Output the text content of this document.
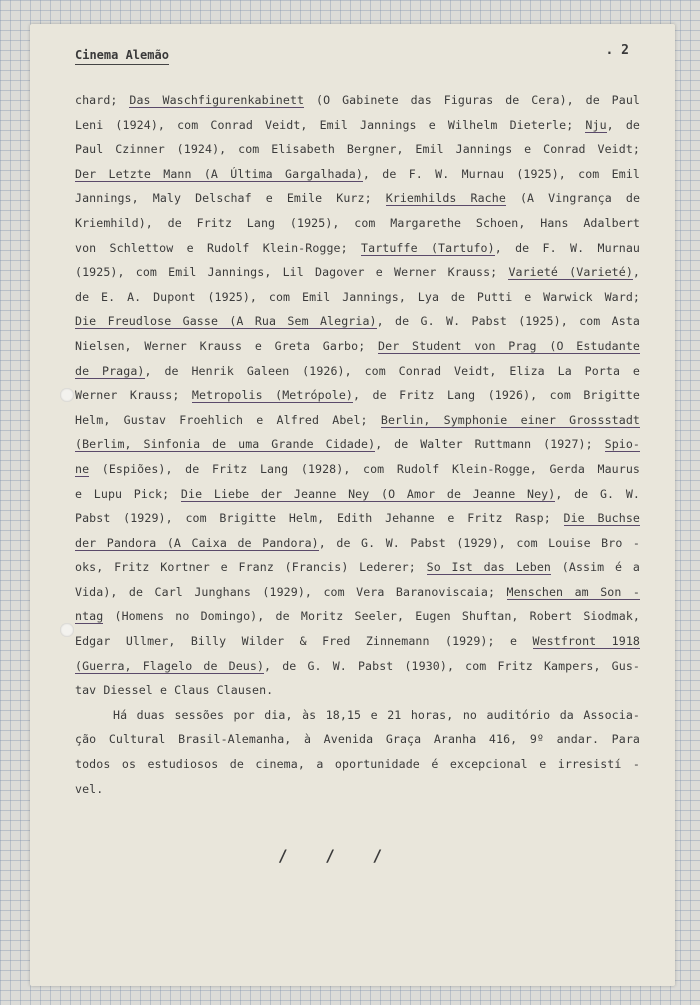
Cinema Alemão	. 2
chard; Das Waschfigurenkabinett (O Gabinete das Figuras de Cera), de Paul
Leni (1924), com Conrad Veidt, Emil Jannings e Wilhelm Dieterle; Nju, de
Paul Czinner (1924), com Elisabeth Bergner, Emil Jannings e Conrad Veidt;
Der Letzte Mann (A Última Gargalhada), de F. W. Murnau (1925), com Emil
Jannings, Maly Delschaf e Emile Kurz; Kriemhilds Rache (A Vingrança de
Kriemhild), de Fritz Lang (1925), com Margarethe Schoen, Hans Adalbert
von Schlettow e Rudolf Klein-Rogge; Tartuffe (Tartufo), de F. W. Murnau
(1925), com Emil Jannings, Lil Dagover e Werner Krauss; Varieté (Varieté),
de E. A. Dupont (1925), com Emil Jannings, Lya de Putti e Warwick Ward;
Die Freudlose Gasse (A Rua Sem Alegria), de G. W. Pabst (1925), com Asta
Nielsen, Werner Krauss e Greta Garbo; Der Student von Prag (O Estudante
de Praga), de Henrik Galeen (1926), com Conrad Veidt, Eliza La Porta e
Werner Krauss; Metropolis (Metrópole), de Fritz Lang (1926), com Brigitte
Helm, Gustav Froehlich e Alfred Abel; Berlin, Symphonie einer Grossstadt
(Berlim, Sinfonia de uma Grande Cidade), de Walter Ruttmann (1927); Spio-
ne (Espiões), de Fritz Lang (1928), com Rudolf Klein-Rogge, Gerda Maurus
e Lupu Pick; Die Liebe der Jeanne Ney (O Amor de Jeanne Ney), de G. W.
Pabst (1929), com Brigitte Helm, Edith Jehanne e Fritz Rasp; Die Buchse
der Pandora (A Caixa de Pandora), de G. W. Pabst (1929), com Louise Bro -
oks, Fritz Kortner e Franz (Francis) Lederer; So Ist das Leben (Assim é a
Vida), de Carl Junghans (1929), com Vera Baranoviscaia; Menschen am Son -
ntag (Homens no Domingo), de Moritz Seeler, Eugen Shuftan, Robert Siodmak,
Edgar Ullmer, Billy Wilder & Fred Zinnemann (1929); e Westfront 1918
(Guerra, Flagelo de Deus), de G. W. Pabst (1930), com Fritz Kampers, Gus-
tav Diessel e Claus Clausen.
Há duas sessões por dia, às 18,15 e 21 horas, no auditório da Associa-
ção Cultural Brasil-Alemanha, à Avenida Graça Aranha 416, 9º andar. Para
todos os estudiosos de cinema, a oportunidade é excepcional e irresistí -
vel.
/ / /
